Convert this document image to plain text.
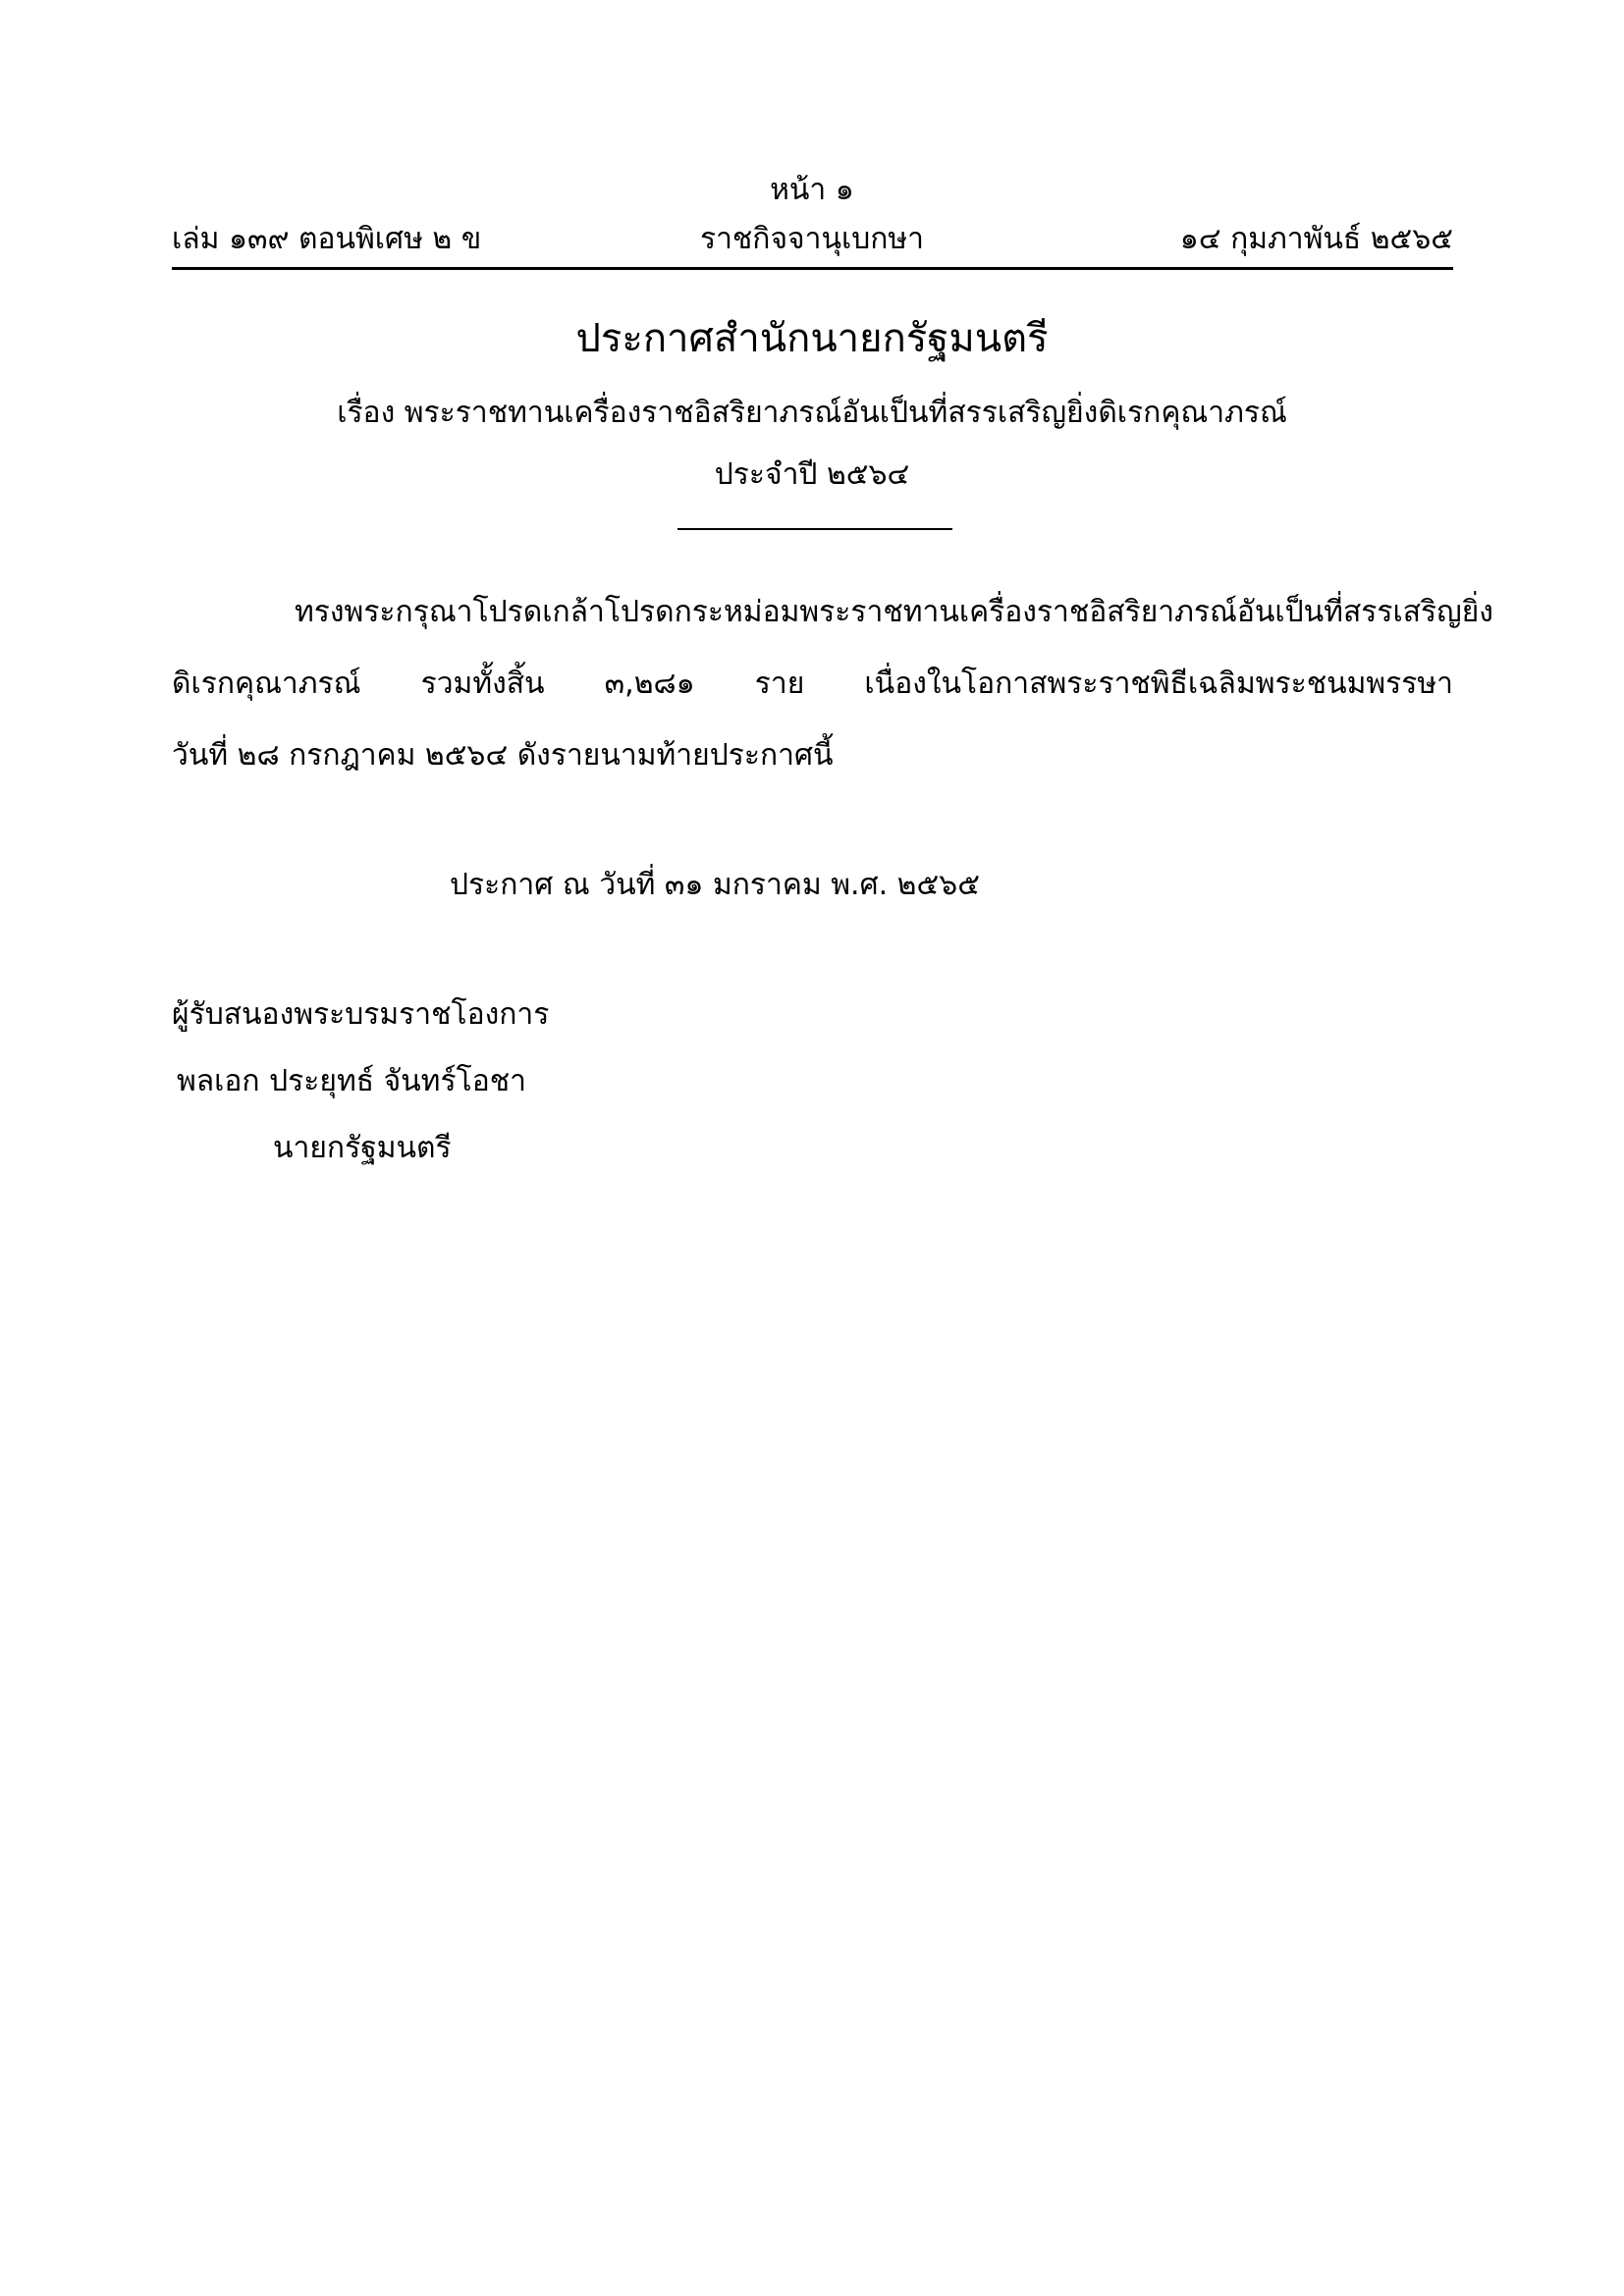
หน้า ๑
เล่ม ๑๓๙ ตอนพิเศษ ๒ ข	ราชกิจจานุเบกษา	๑๔ กุมภาพันธ์ ๒๕๖๕
ประกาศสำนักนายกรัฐมนตรี
เรื่อง พระราชทานเครื่องราชอิสริยาภรณ์อันเป็นที่สรรเสริญยิ่งดิเรกคุณาภรณ์
ประจำปี ๒๕๖๔
ทรงพระกรุณาโปรดเกล้าโปรดกระหม่อมพระราชทานเครื่องราชอิสริยาภรณ์อันเป็นที่สรรเสริญยิ่ง
ดิเรกคุณาภรณ์ รวมทั้งสิ้น ๓,๒๘๑ ราย เนื่องในโอกาสพระราชพิธีเฉลิมพระชนมพรรษา
วันที่ ๒๘ กรกฎาคม ๒๕๖๔ ดังรายนามท้ายประกาศนี้
ประกาศ ณ วันที่ ๓๑ มกราคม พ.ศ. ๒๕๖๕
ผู้รับสนองพระบรมราชโองการ
พลเอก ประยุทธ์ จันทร์โอชา
นายกรัฐมนตรี
